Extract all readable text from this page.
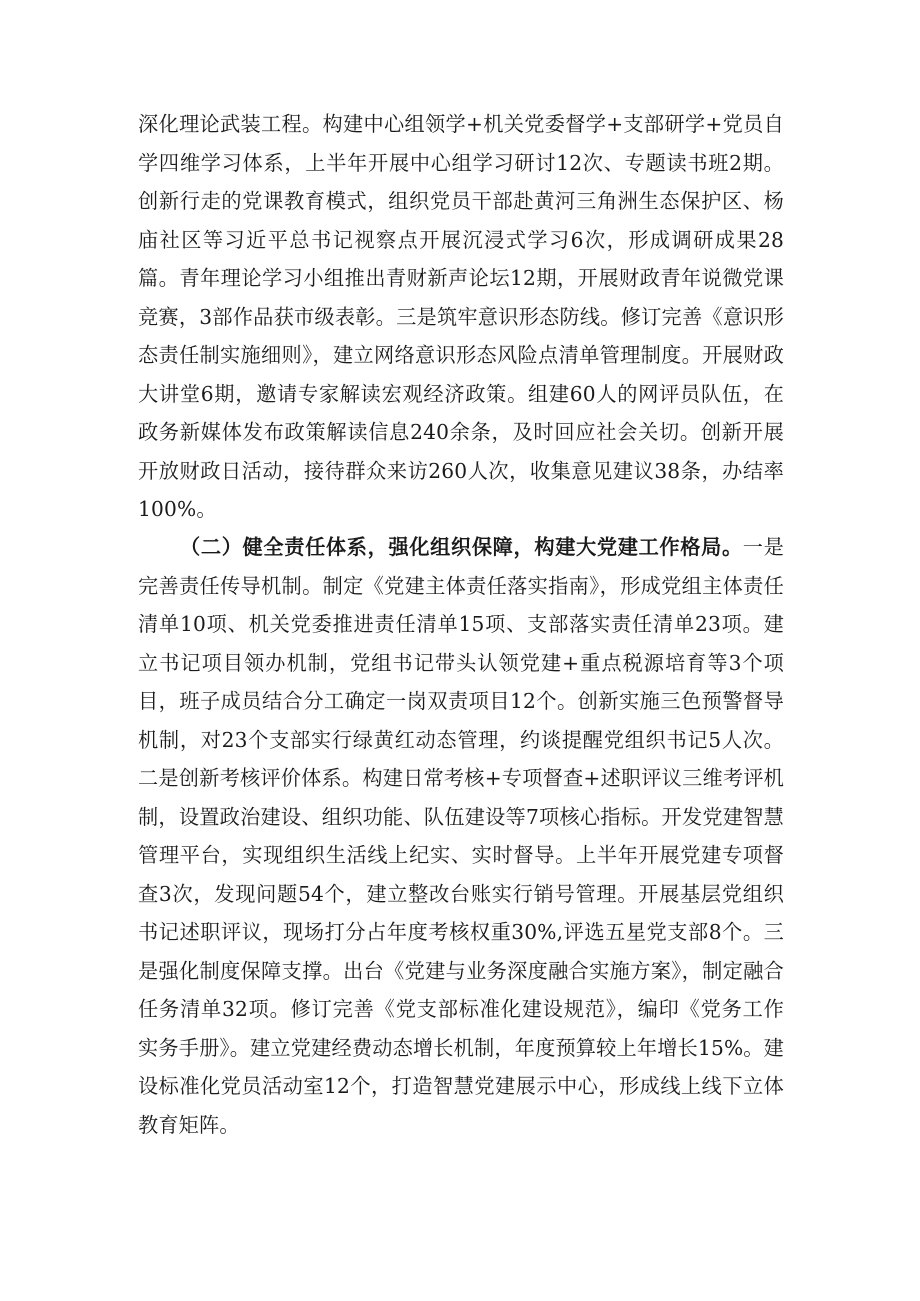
深化理论武装工程。构建中心组领学+机关党委督学+支部研学+党员自学四维学习体系，上半年开展中心组学习研讨12次、专题读书班2期。创新行走的党课教育模式，组织党员干部赴黄河三角洲生态保护区、杨庙社区等习近平总书记视察点开展沉浸式学习6次，形成调研成果28篇。青年理论学习小组推出青财新声论坛12期，开展财政青年说微党课竞赛，3部作品获市级表彰。三是筑牢意识形态防线。修订完善《意识形态责任制实施细则》，建立网络意识形态风险点清单管理制度。开展财政大讲堂6期，邀请专家解读宏观经济政策。组建60人的网评员队伍，在政务新媒体发布政策解读信息240余条，及时回应社会关切。创新开展开放财政日活动，接待群众来访260人次，收集意见建议38条，办结率100%。

（二）健全责任体系，强化组织保障，构建大党建工作格局。一是完善责任传导机制。制定《党建主体责任落实指南》，形成党组主体责任清单10项、机关党委推进责任清单15项、支部落实责任清单23项。建立书记项目领办机制，党组书记带头认领党建+重点税源培育等3个项目，班子成员结合分工确定一岗双责项目12个。创新实施三色预警督导机制，对23个支部实行绿黄红动态管理，约谈提醒党组织书记5人次。二是创新考核评价体系。构建日常考核+专项督查+述职评议三维考评机制，设置政治建设、组织功能、队伍建设等7项核心指标。开发党建智慧管理平台，实现组织生活线上纪实、实时督导。上半年开展党建专项督查3次，发现问题54个，建立整改台账实行销号管理。开展基层党组织书记述职评议，现场打分占年度考核权重30%,评选五星党支部8个。三是强化制度保障支撑。出台《党建与业务深度融合实施方案》，制定融合任务清单32项。修订完善《党支部标准化建设规范》，编印《党务工作实务手册》。建立党建经费动态增长机制，年度预算较上年增长15%。建设标准化党员活动室12个，打造智慧党建展示中心，形成线上线下立体教育矩阵。
